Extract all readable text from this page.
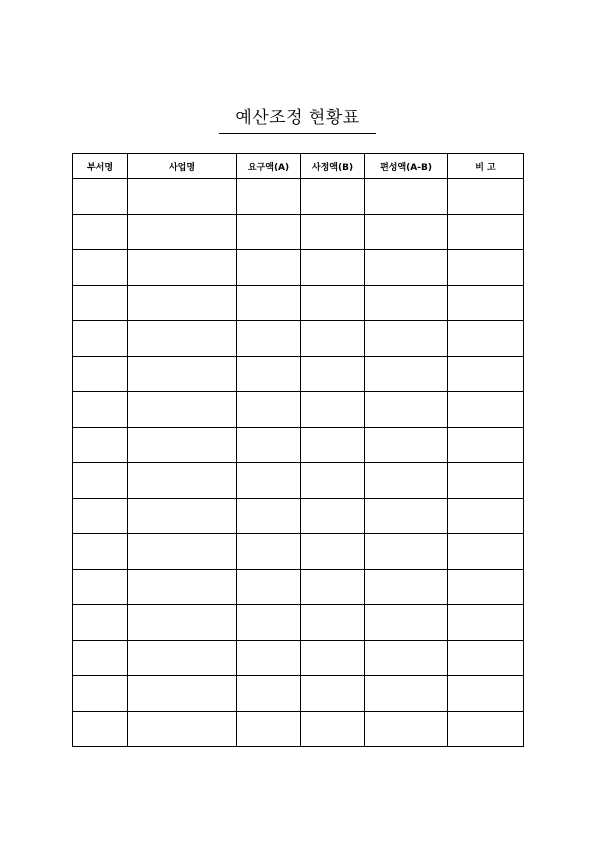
예산조정 현황표
부서명	사업명	요구액(A)	사정액(B)	편성액(A-B)	비 고
